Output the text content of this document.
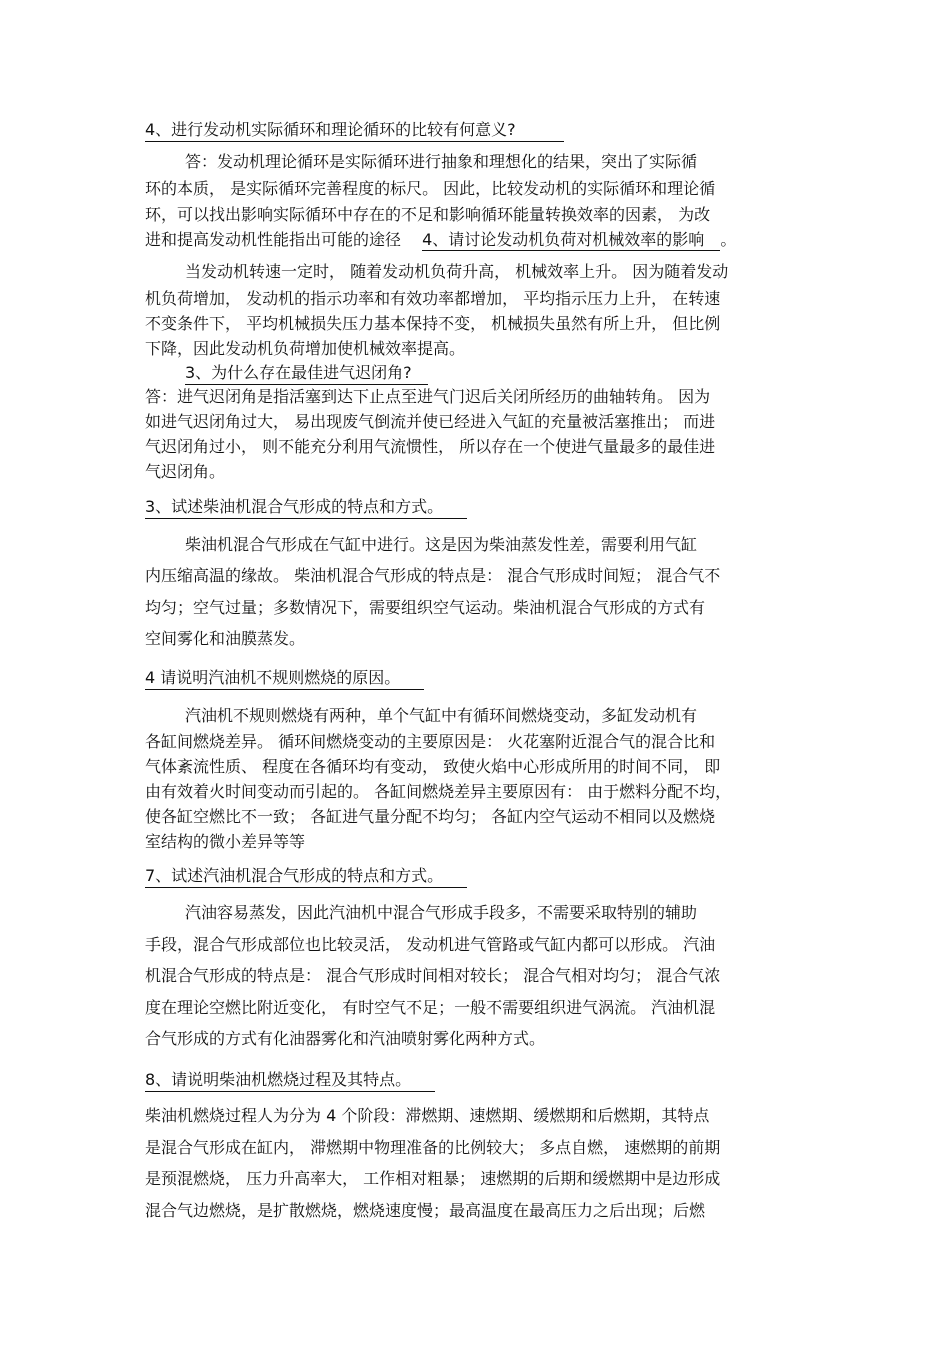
4、进行发动机实际循环和理论循环的比较有何意义?　　　

答：发动机理论循环是实际循环进行抽象和理想化的结果，突出了实际循

环的本质， 是实际循环完善程度的标尺。 因此，比较发动机的实际循环和理论循

环，可以找出影响实际循环中存在的不足和影响循环能量转换效率的因素， 为改

进和提高发动机性能指出可能的途径　 4、请讨论发动机负荷对机械效率的影响　 。

当发动机转速一定时， 随着发动机负荷升高， 机械效率上升。 因为随着发动

机负荷增加， 发动机的指示功率和有效功率都增加， 平均指示压力上升， 在转速

不变条件下， 平均机械损失压力基本保持不变， 机械损失虽然有所上升， 但比例

下降，因此发动机负荷增加使机械效率提高。

3、为什么存在最佳进气迟闭角?　

答：进气迟闭角是指活塞到达下止点至进气门迟后关闭所经历的曲轴转角。 因为

如进气迟闭角过大， 易出现废气倒流并使已经进入气缸的充量被活塞推出； 而进

气迟闭角过小， 则不能充分利用气流惯性， 所以存在一个使进气量最多的最佳进

气迟闭角。

3、试述柴油机混合气形成的特点和方式。　　

柴油机混合气形成在气缸中进行。这是因为柴油蒸发性差，需要利用气缸

内压缩高温的缘故。 柴油机混合气形成的特点是： 混合气形成时间短； 混合气不

均匀；空气过量；多数情况下，需要组织空气运动。柴油机混合气形成的方式有

空间雾化和油膜蒸发。

4 请说明汽油机不规则燃烧的原因。　　

汽油机不规则燃烧有两种，单个气缸中有循环间燃烧变动，多缸发动机有

各缸间燃烧差异。 循环间燃烧变动的主要原因是： 火花塞附近混合气的混合比和

气体紊流性质、 程度在各循环均有变动， 致使火焰中心形成所用的时间不同， 即

由有效着火时间变动而引起的。 各缸间燃烧差异主要原因有： 由于燃料分配不均，

使各缸空燃比不一致； 各缸进气量分配不均匀； 各缸内空气运动不相同以及燃烧

室结构的微小差异等等

7、试述汽油机混合气形成的特点和方式。　　

汽油容易蒸发，因此汽油机中混合气形成手段多，不需要采取特别的辅助

手段，混合气形成部位也比较灵活， 发动机进气管路或气缸内都可以形成。 汽油

机混合气形成的特点是： 混合气形成时间相对较长； 混合气相对均匀； 混合气浓

度在理论空燃比附近变化， 有时空气不足；一般不需要组织进气涡流。 汽油机混

合气形成的方式有化油器雾化和汽油喷射雾化两种方式。

8、请说明柴油机燃烧过程及其特点。　　

柴油机燃烧过程人为分为 4 个阶段：滞燃期、速燃期、缓燃期和后燃期，其特点

是混合气形成在缸内， 滞燃期中物理准备的比例较大； 多点自燃， 速燃期的前期

是预混燃烧， 压力升高率大， 工作相对粗暴； 速燃期的后期和缓燃期中是边形成

混合气边燃烧，是扩散燃烧，燃烧速度慢；最高温度在最高压力之后出现；后燃
